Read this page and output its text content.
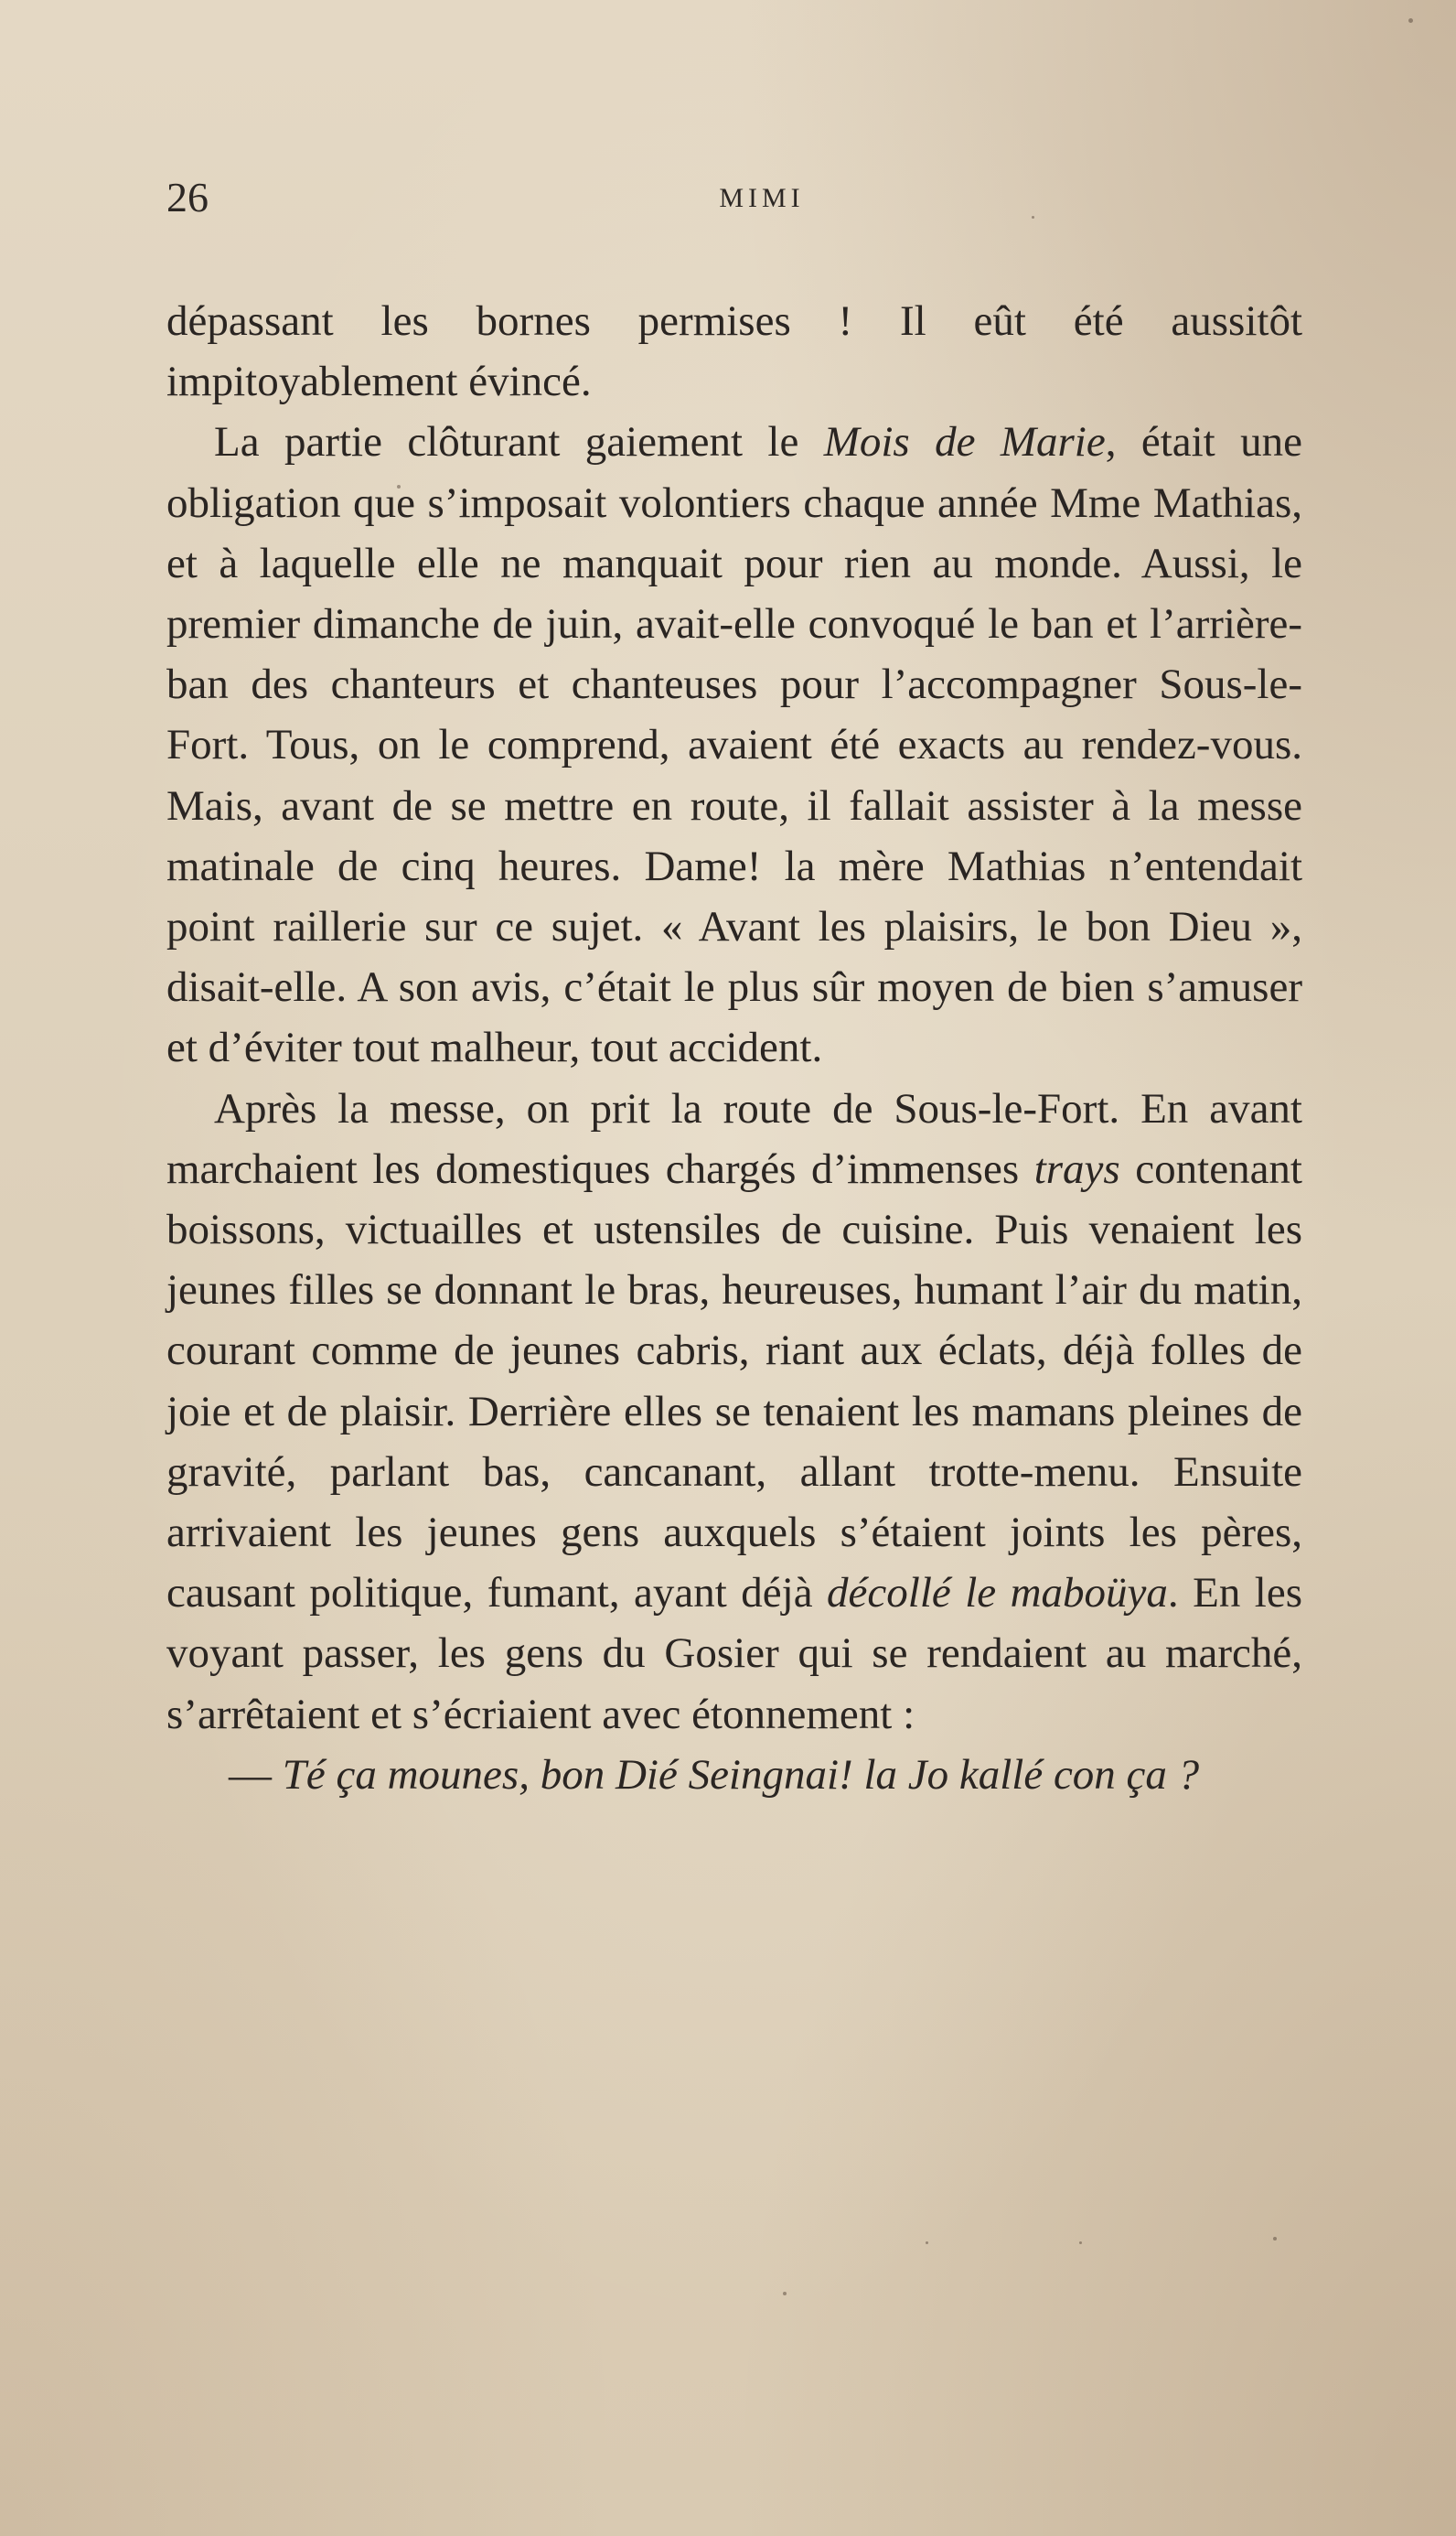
26	MIMI

dépassant les bornes permises ! Il eût été aussitôt impitoyablement évincé.

La partie clôturant gaiement le Mois de Marie, était une obligation que s’imposait volontiers chaque année Mme Mathias, et à laquelle elle ne manquait pour rien au monde. Aussi, le premier dimanche de juin, avait-elle convoqué le ban et l’arrière-ban des chanteurs et chanteuses pour l’accompagner Sous-le-Fort. Tous, on le comprend, avaient été exacts au rendez-vous. Mais, avant de se mettre en route, il fallait assister à la messe matinale de cinq heures. Dame! la mère Mathias n’entendait point raillerie sur ce sujet. « Avant les plaisirs, le bon Dieu », disait-elle. A son avis, c’était le plus sûr moyen de bien s’amuser et d’éviter tout malheur, tout accident.

Après la messe, on prit la route de Sous-le-Fort. En avant marchaient les domestiques chargés d’immenses trays contenant boissons, victuailles et ustensiles de cuisine. Puis venaient les jeunes filles se donnant le bras, heureuses, humant l’air du matin, courant comme de jeunes cabris, riant aux éclats, déjà folles de joie et de plaisir. Derrière elles se tenaient les mamans pleines de gravité, parlant bas, cancanant, allant trotte-menu. Ensuite arrivaient les jeunes gens auxquels s’étaient joints les pères, causant politique, fumant, ayant déjà décollé le maboüya. En les voyant passer, les gens du Gosier qui se rendaient au marché, s’arrêtaient et s’écriaient avec étonnement :

— Té ça mounes, bon Dié Seingnai! la Jo kallé con ça ?
